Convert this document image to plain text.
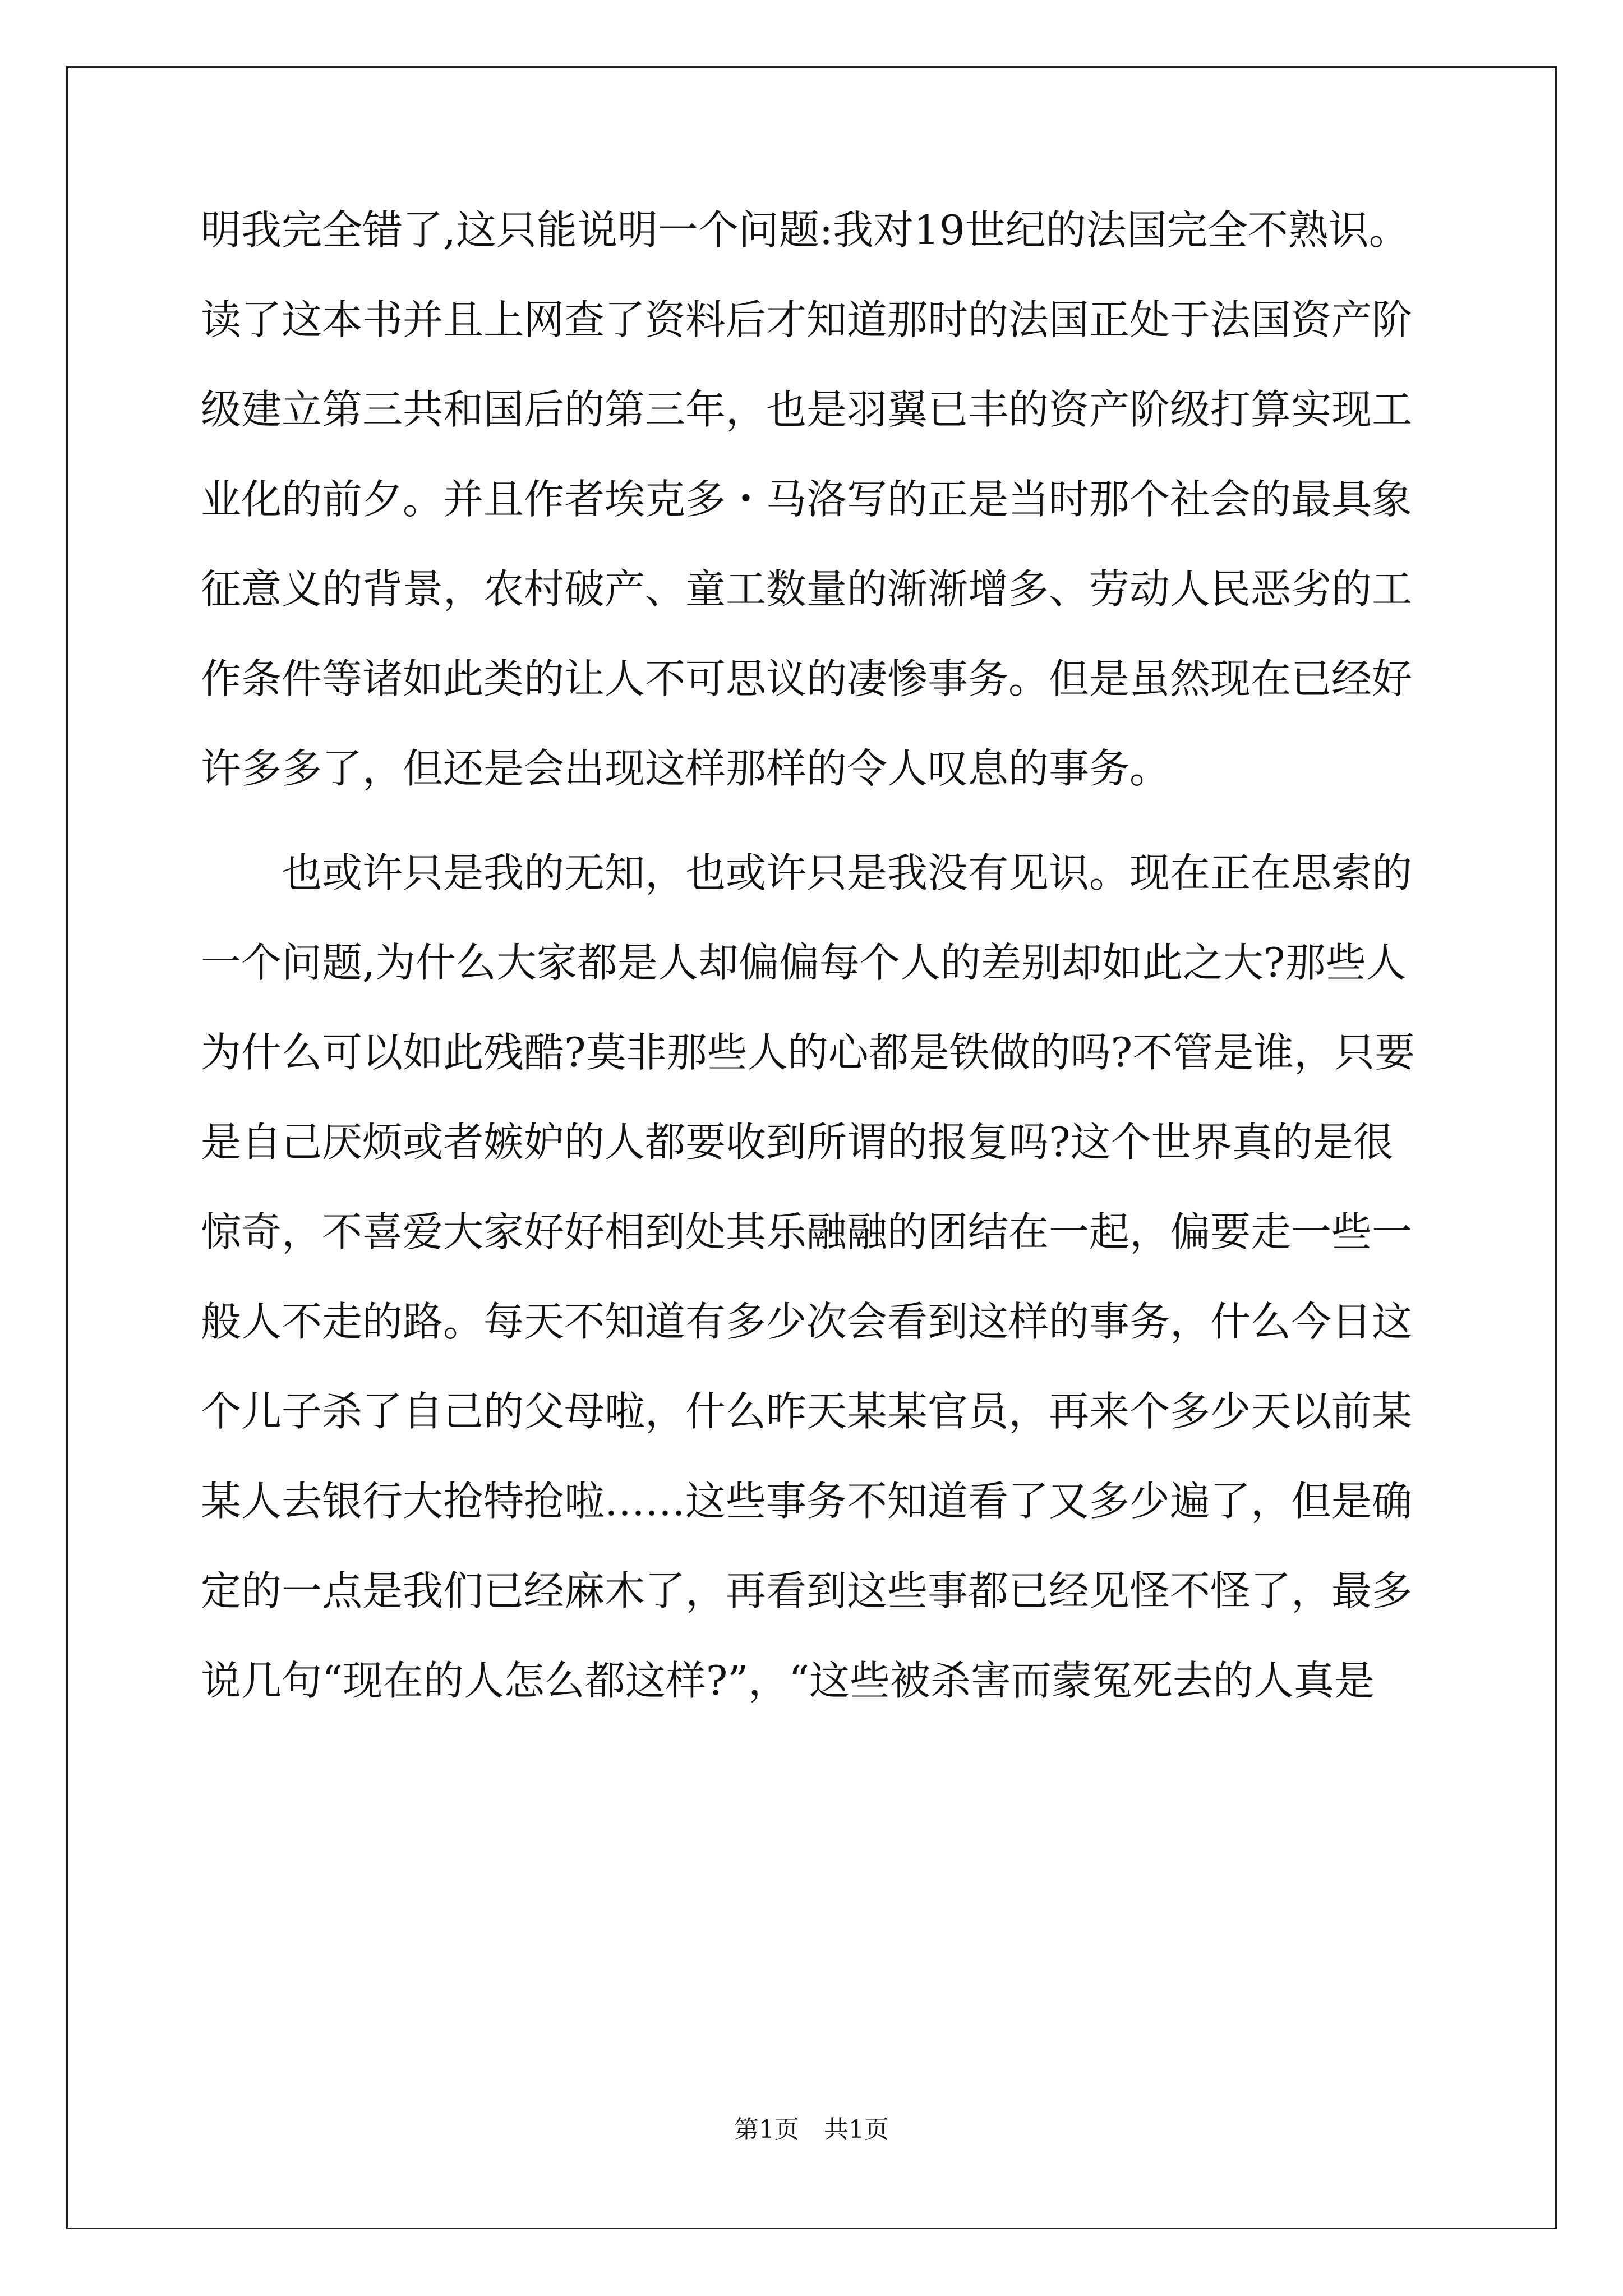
明我完全错了,这只能说明一个问题:我对19世纪的法国完全不熟识。
读了这本书并且上网查了资料后才知道那时的法国正处于法国资产阶
级建立第三共和国后的第三年，也是羽翼已丰的资产阶级打算实现工
业化的前夕。并且作者埃克多・马洛写的正是当时那个社会的最具象
征意义的背景，农村破产、童工数量的渐渐增多、劳动人民恶劣的工
作条件等诸如此类的让人不可思议的凄惨事务。但是虽然现在已经好
许多多了，但还是会出现这样那样的令人叹息的事务。
　　也或许只是我的无知，也或许只是我没有见识。现在正在思索的
一个问题,为什么大家都是人却偏偏每个人的差别却如此之大?那些人
为什么可以如此残酷?莫非那些人的心都是铁做的吗?不管是谁，只要
是自己厌烦或者嫉妒的人都要收到所谓的报复吗?这个世界真的是很
惊奇，不喜爱大家好好相到处其乐融融的团结在一起，偏要走一些一
般人不走的路。每天不知道有多少次会看到这样的事务，什么今日这
个儿子杀了自己的父母啦，什么昨天某某官员，再来个多少天以前某
某人去银行大抢特抢啦……这些事务不知道看了又多少遍了，但是确
定的一点是我们已经麻木了，再看到这些事都已经见怪不怪了，最多
说几句“现在的人怎么都这样?”，“这些被杀害而蒙冤死去的人真是
第1页　共1页
